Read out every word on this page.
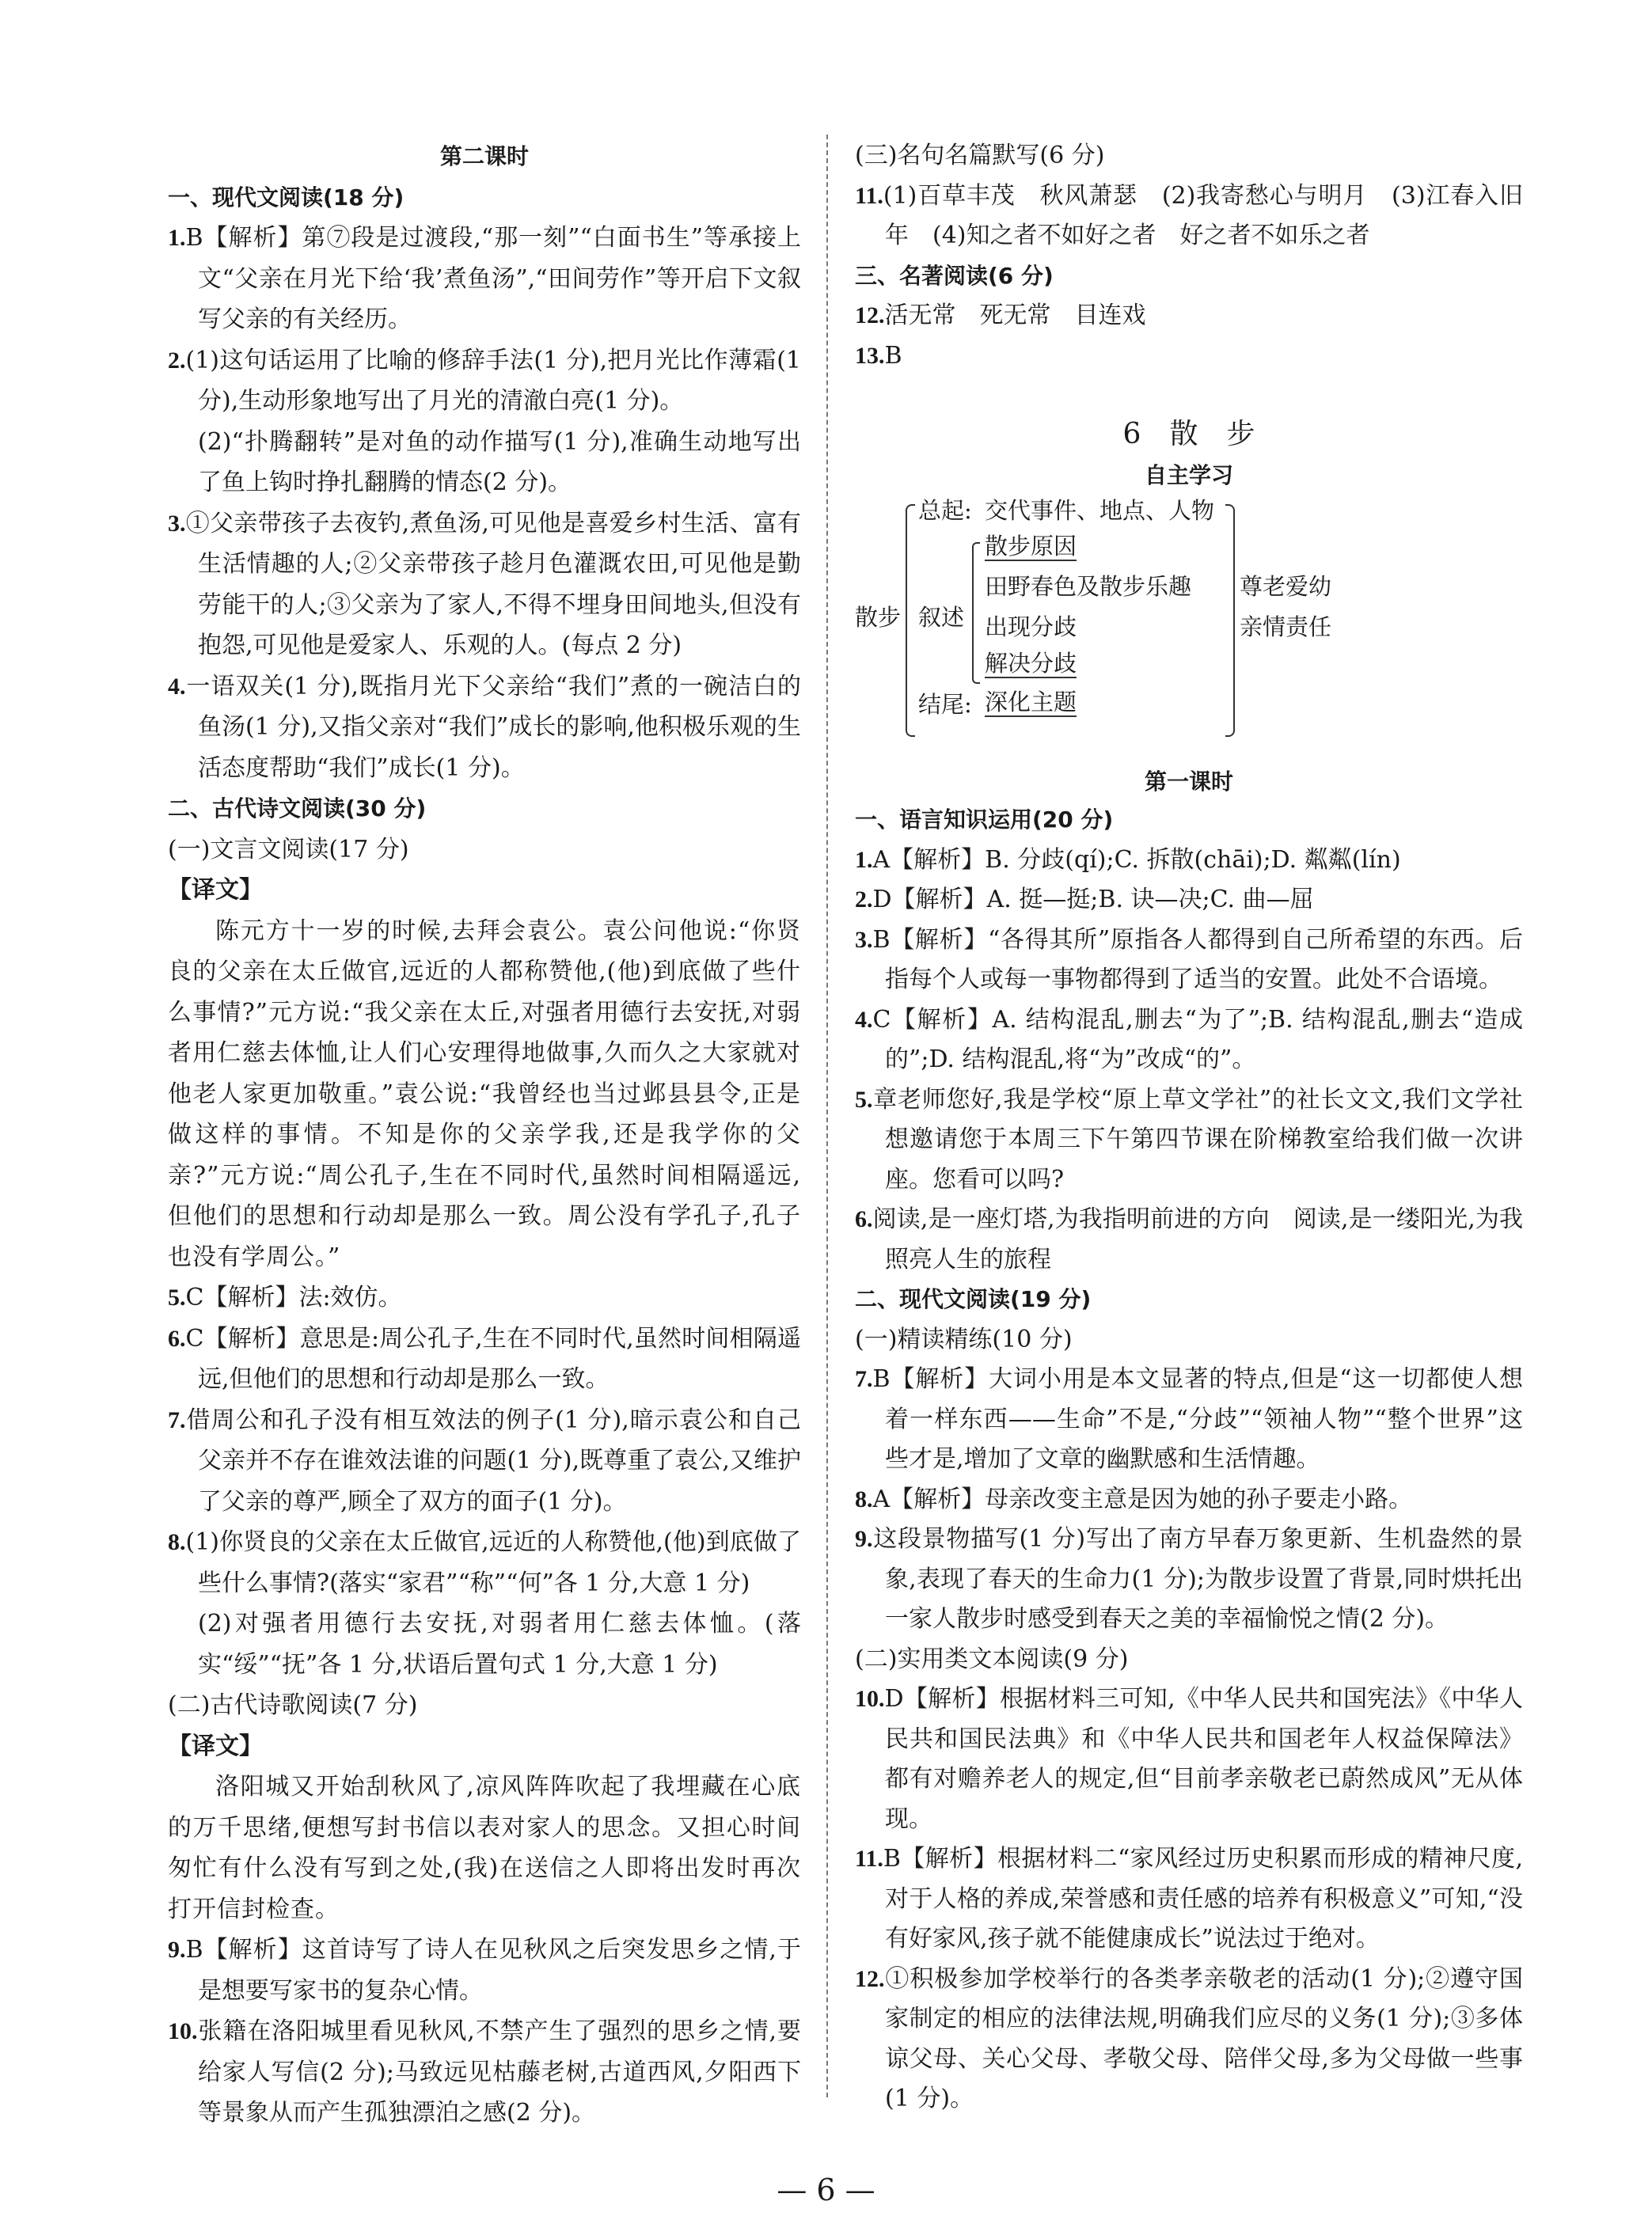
第二课时
一、现代文阅读(18 分)
1.B【解析】第⑦段是过渡段,“那一刻”“白面书生”等承接上文“父亲在月光下给‘我’煮鱼汤”,“田间劳作”等开启下文叙写父亲的有关经历。
2.(1)这句话运用了比喻的修辞手法(1 分),把月光比作薄霜(1 分),生动形象地写出了月光的清澈白亮(1 分)。
(2)“扑腾翻转”是对鱼的动作描写(1 分),准确生动地写出了鱼上钩时挣扎翻腾的情态(2 分)。
3.①父亲带孩子去夜钓,煮鱼汤,可见他是喜爱乡村生活、富有生活情趣的人;②父亲带孩子趁月色灌溉农田,可见他是勤劳能干的人;③父亲为了家人,不得不埋身田间地头,但没有抱怨,可见他是爱家人、乐观的人。(每点 2 分)
4.一语双关(1 分),既指月光下父亲给“我们”煮的一碗洁白的鱼汤(1 分),又指父亲对“我们”成长的影响,他积极乐观的生活态度帮助“我们”成长(1 分)。
二、古代诗文阅读(30 分)
(一)文言文阅读(17 分)
【译文】
陈元方十一岁的时候,去拜会袁公。袁公问他说:“你贤良的父亲在太丘做官,远近的人都称赞他,(他)到底做了些什么事情?”元方说:“我父亲在太丘,对强者用德行去安抚,对弱者用仁慈去体恤,让人们心安理得地做事,久而久之大家就对他老人家更加敬重。”袁公说:“我曾经也当过邺县县令,正是做这样的事情。不知是你的父亲学我,还是我学你的父亲?”元方说:“周公孔子,生在不同时代,虽然时间相隔遥远,但他们的思想和行动却是那么一致。周公没有学孔子,孔子也没有学周公。”
5.C【解析】法:效仿。
6.C【解析】意思是:周公孔子,生在不同时代,虽然时间相隔遥远,但他们的思想和行动却是那么一致。
7.借周公和孔子没有相互效法的例子(1 分),暗示袁公和自己父亲并不存在谁效法谁的问题(1 分),既尊重了袁公,又维护了父亲的尊严,顾全了双方的面子(1 分)。
8.(1)你贤良的父亲在太丘做官,远近的人称赞他,(他)到底做了些什么事情?(落实“家君”“称”“何”各 1 分,大意 1 分)
(2)对强者用德行去安抚,对弱者用仁慈去体恤。(落实“绥”“抚”各 1 分,状语后置句式 1 分,大意 1 分)
(二)古代诗歌阅读(7 分)
【译文】
洛阳城又开始刮秋风了,凉风阵阵吹起了我埋藏在心底的万千思绪,便想写封书信以表对家人的思念。又担心时间匆忙有什么没有写到之处,(我)在送信之人即将出发时再次打开信封检查。
9.B【解析】这首诗写了诗人在见秋风之后突发思乡之情,于是想要写家书的复杂心情。
10.张籍在洛阳城里看见秋风,不禁产生了强烈的思乡之情,要给家人写信(2 分);马致远见枯藤老树,古道西风,夕阳西下等景象从而产生孤独漂泊之感(2 分)。
(三)名句名篇默写(6 分)
11.(1)百草丰茂　秋风萧瑟　(2)我寄愁心与明月　(3)江春入旧年　(4)知之者不如好之者　好之者不如乐之者
三、名著阅读(6 分)
12.活无常　死无常　目连戏
13.B
6　散　步
自主学习
散步
总起: 交代事件、地点、人物
叙述
散步原因
田野春色及散步乐趣
出现分歧
解决分歧
结尾: 深化主题
尊老爱幼
亲情责任
第一课时
一、语言知识运用(20 分)
1.A【解析】B. 分歧(qí);C. 拆散(chāi);D. 粼粼(lín)
2.D【解析】A. 挺—挺;B. 诀—决;C. 曲—屈
3.B【解析】“各得其所”原指各人都得到自己所希望的东西。后指每个人或每一事物都得到了适当的安置。此处不合语境。
4.C【解析】A. 结构混乱,删去“为了”;B. 结构混乱,删去“造成的”;D. 结构混乱,将“为”改成“的”。
5.章老师您好,我是学校“原上草文学社”的社长文文,我们文学社想邀请您于本周三下午第四节课在阶梯教室给我们做一次讲座。您看可以吗?
6.阅读,是一座灯塔,为我指明前进的方向　阅读,是一缕阳光,为我照亮人生的旅程
二、现代文阅读(19 分)
(一)精读精练(10 分)
7.B【解析】大词小用是本文显著的特点,但是“这一切都使人想着一样东西——生命”不是,“分歧”“领袖人物”“整个世界”这些才是,增加了文章的幽默感和生活情趣。
8.A【解析】母亲改变主意是因为她的孙子要走小路。
9.这段景物描写(1 分)写出了南方早春万象更新、生机盎然的景象,表现了春天的生命力(1 分);为散步设置了背景,同时烘托出一家人散步时感受到春天之美的幸福愉悦之情(2 分)。
(二)实用类文本阅读(9 分)
10.D【解析】根据材料三可知,《中华人民共和国宪法》《中华人民共和国民法典》和《中华人民共和国老年人权益保障法》都有对赡养老人的规定,但“目前孝亲敬老已蔚然成风”无从体现。
11.B【解析】根据材料二“家风经过历史积累而形成的精神尺度,对于人格的养成,荣誉感和责任感的培养有积极意义”可知,“没有好家风,孩子就不能健康成长”说法过于绝对。
12.①积极参加学校举行的各类孝亲敬老的活动(1 分);②遵守国家制定的相应的法律法规,明确我们应尽的义务(1 分);③多体谅父母、关心父母、孝敬父母、陪伴父母,多为父母做一些事(1 分)。
— 6 —
